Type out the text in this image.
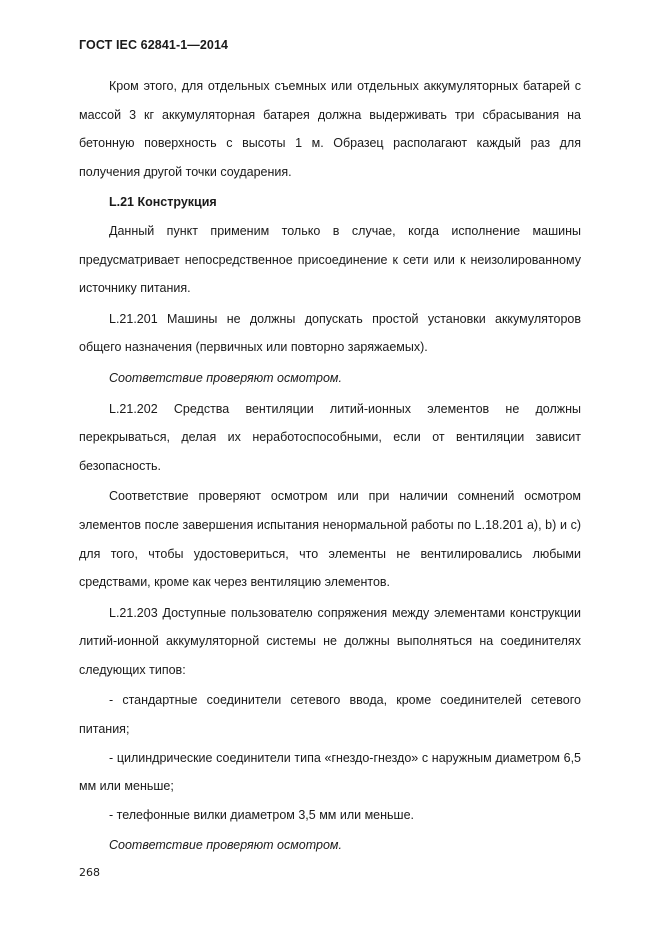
ГОСТ IEC 62841-1—2014

Кром этого, для отдельных съемных или отдельных аккумуляторных батарей с массой 3 кг аккумуляторная батарея должна выдерживать три сбрасывания на бетонную поверхность с высоты 1 м. Образец располагают каждый раз для получения другой точки соударения.

L.21 Конструкция

Данный пункт применим только в случае, когда исполнение машины предусматривает непосредственное присоединение к сети или к неизолированному источнику питания.

L.21.201 Машины не должны допускать простой установки аккумуляторов общего назначения (первичных или повторно заряжаемых).

Соответствие проверяют осмотром.

L.21.202 Средства вентиляции литий-ионных элементов не должны перекрываться, делая их неработоспособными, если от вентиляции зависит безопасность.

Соответствие проверяют осмотром или при наличии сомнений осмотром элементов после завершения испытания ненормальной работы по L.18.201 a), b) и c) для того, чтобы удостовериться, что элементы не вентилировались любыми средствами, кроме как через вентиляцию элементов.

L.21.203 Доступные пользователю сопряжения между элементами конструкции литий-ионной аккумуляторной системы не должны выполняться на соединителях следующих типов:

- стандартные соединители сетевого ввода, кроме соединителей сетевого питания;

- цилиндрические соединители типа «гнездо-гнездо» с наружным диаметром 6,5 мм или меньше;

- телефонные вилки диаметром 3,5 мм или меньше.

Соответствие проверяют осмотром.

268
